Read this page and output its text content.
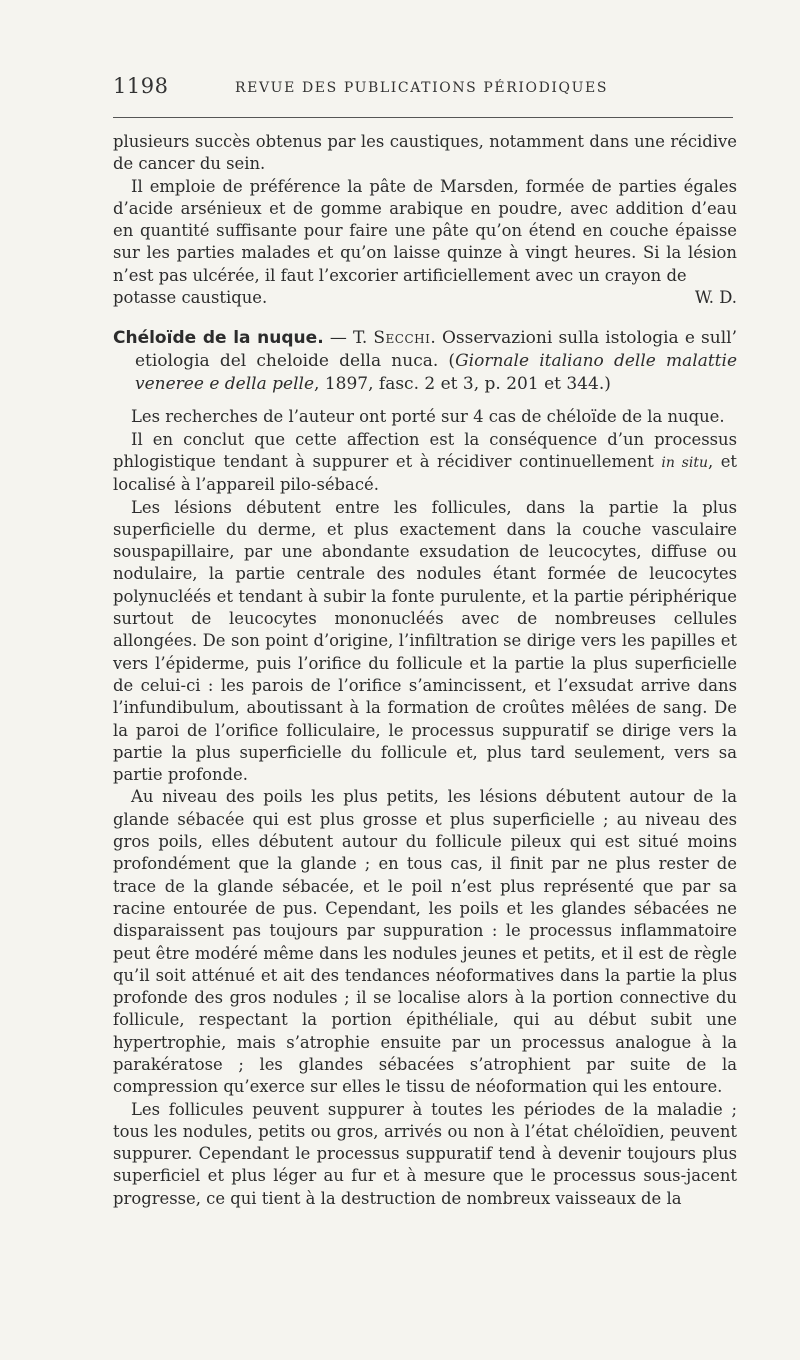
1198	REVUE DES PUBLICATIONS PÉRIODIQUES

plusieurs succès obtenus par les caustiques, notamment dans une récidive de cancer du sein.

Il emploie de préférence la pâte de Marsden, formée de parties égales d’acide arsénieux et de gomme arabique en poudre, avec addition d’eau en quantité suffisante pour faire une pâte qu’on étend en couche épaisse sur les parties malades et qu’on laisse quinze à vingt heures. Si la lésion n’est pas ulcérée, il faut l’excorier artificiellement avec un crayon de

potasse caustique.	W. D.

Chéloïde de la nuque. — T. Secchi. Osservazioni sulla istologia e sull’ etiologia del cheloide della nuca. (Giornale italiano delle malattie veneree e della pelle, 1897, fasc. 2 et 3, p. 201 et 344.)

Les recherches de l’auteur ont porté sur 4 cas de chéloïde de la nuque.

Il en conclut que cette affection est la conséquence d’un processus phlogistique tendant à suppurer et à récidiver continuellement in situ, et localisé à l’appareil pilo-sébacé.

Les lésions débutent entre les follicules, dans la partie la plus superficielle du derme, et plus exactement dans la couche vasculaire souspapillaire, par une abondante exsudation de leucocytes, diffuse ou nodulaire, la partie centrale des nodules étant formée de leucocytes polynucléés et tendant à subir la fonte purulente, et la partie périphérique surtout de leucocytes mononucléés avec de nombreuses cellules allongées. De son point d’origine, l’infiltration se dirige vers les papilles et vers l’épiderme, puis l’orifice du follicule et la partie la plus superficielle de celui-ci : les parois de l’orifice s’amincissent, et l’exsudat arrive dans l’infundibulum, aboutissant à la formation de croûtes mêlées de sang. De la paroi de l’orifice folliculaire, le processus suppuratif se dirige vers la partie la plus superficielle du follicule et, plus tard seulement, vers sa partie profonde.

Au niveau des poils les plus petits, les lésions débutent autour de la glande sébacée qui est plus grosse et plus superficielle ; au niveau des gros poils, elles débutent autour du follicule pileux qui est situé moins profondément que la glande ; en tous cas, il finit par ne plus rester de trace de la glande sébacée, et le poil n’est plus représenté que par sa racine entourée de pus. Cependant, les poils et les glandes sébacées ne disparaissent pas toujours par suppuration : le processus inflammatoire peut être modéré même dans les nodules jeunes et petits, et il est de règle qu’il soit atténué et ait des tendances néoformatives dans la partie la plus profonde des gros nodules ; il se localise alors à la portion connective du follicule, respectant la portion épithéliale, qui au début subit une hypertrophie, mais s’atrophie ensuite par un processus analogue à la parakératose ; les glandes sébacées s’atrophient par suite de la compression qu’exerce sur elles le tissu de néoformation qui les entoure.

Les follicules peuvent suppurer à toutes les périodes de la maladie ; tous les nodules, petits ou gros, arrivés ou non à l’état chéloïdien, peuvent suppurer. Cependant le processus suppuratif tend à devenir toujours plus superficiel et plus léger au fur et à mesure que le processus sous-jacent progresse, ce qui tient à la destruction de nombreux vaisseaux de la
